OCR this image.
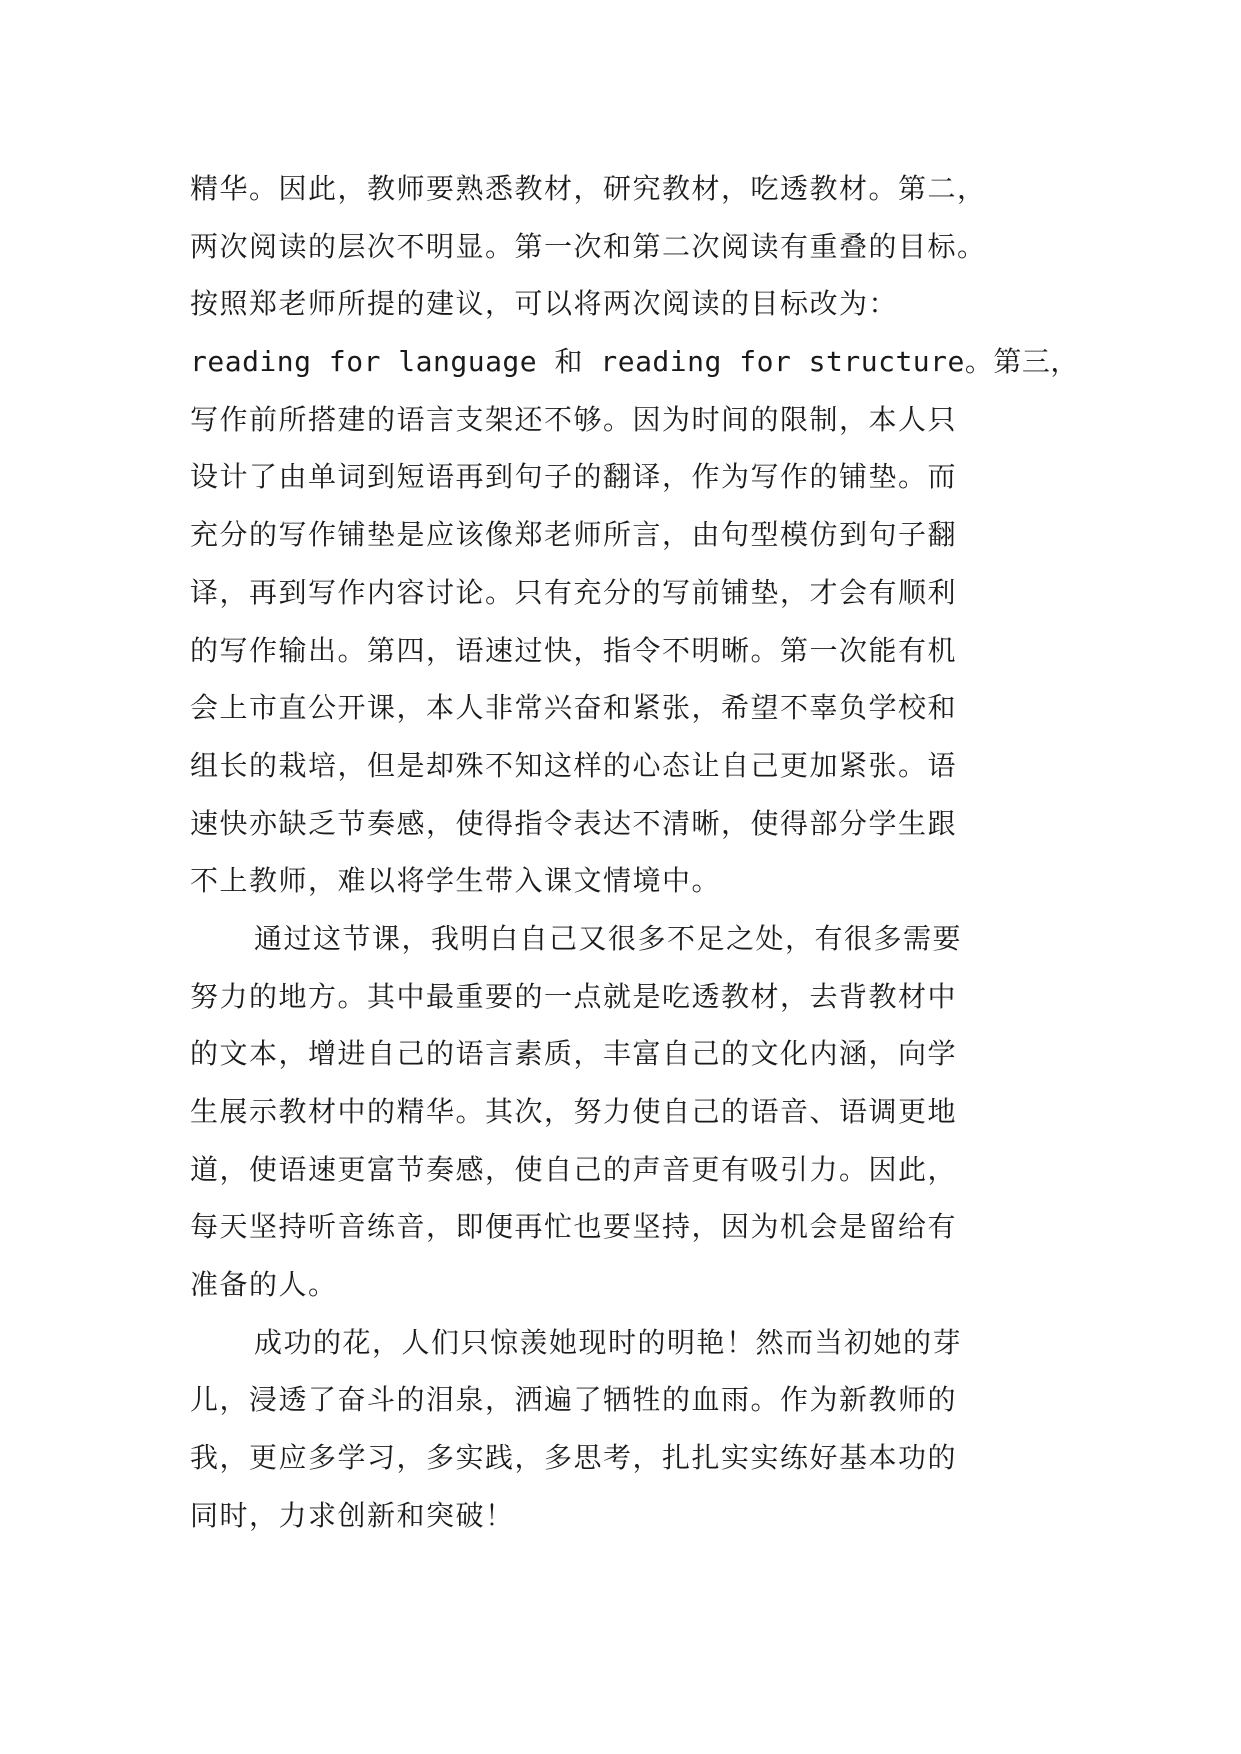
精华。因此，教师要熟悉教材，研究教材，吃透教材。第二，
两次阅读的层次不明显。第一次和第二次阅读有重叠的目标。
按照郑老师所提的建议，可以将两次阅读的目标改为：
reading for language 和 reading for structure。第三，
写作前所搭建的语言支架还不够。因为时间的限制，本人只
设计了由单词到短语再到句子的翻译，作为写作的铺垫。而
充分的写作铺垫是应该像郑老师所言，由句型模仿到句子翻
译，再到写作内容讨论。只有充分的写前铺垫，才会有顺利
的写作输出。第四，语速过快，指令不明晰。第一次能有机
会上市直公开课，本人非常兴奋和紧张，希望不辜负学校和
组长的栽培，但是却殊不知这样的心态让自己更加紧张。语
速快亦缺乏节奏感，使得指令表达不清晰，使得部分学生跟
不上教师，难以将学生带入课文情境中。
通过这节课，我明白自己又很多不足之处，有很多需要
努力的地方。其中最重要的一点就是吃透教材，去背教材中
的文本，增进自己的语言素质，丰富自己的文化内涵，向学
生展示教材中的精华。其次，努力使自己的语音、语调更地
道，使语速更富节奏感，使自己的声音更有吸引力。因此，
每天坚持听音练音，即便再忙也要坚持，因为机会是留给有
准备的人。
成功的花，人们只惊羡她现时的明艳！然而当初她的芽
儿，浸透了奋斗的泪泉，洒遍了牺牲的血雨。作为新教师的
我，更应多学习，多实践，多思考，扎扎实实练好基本功的
同时，力求创新和突破！
